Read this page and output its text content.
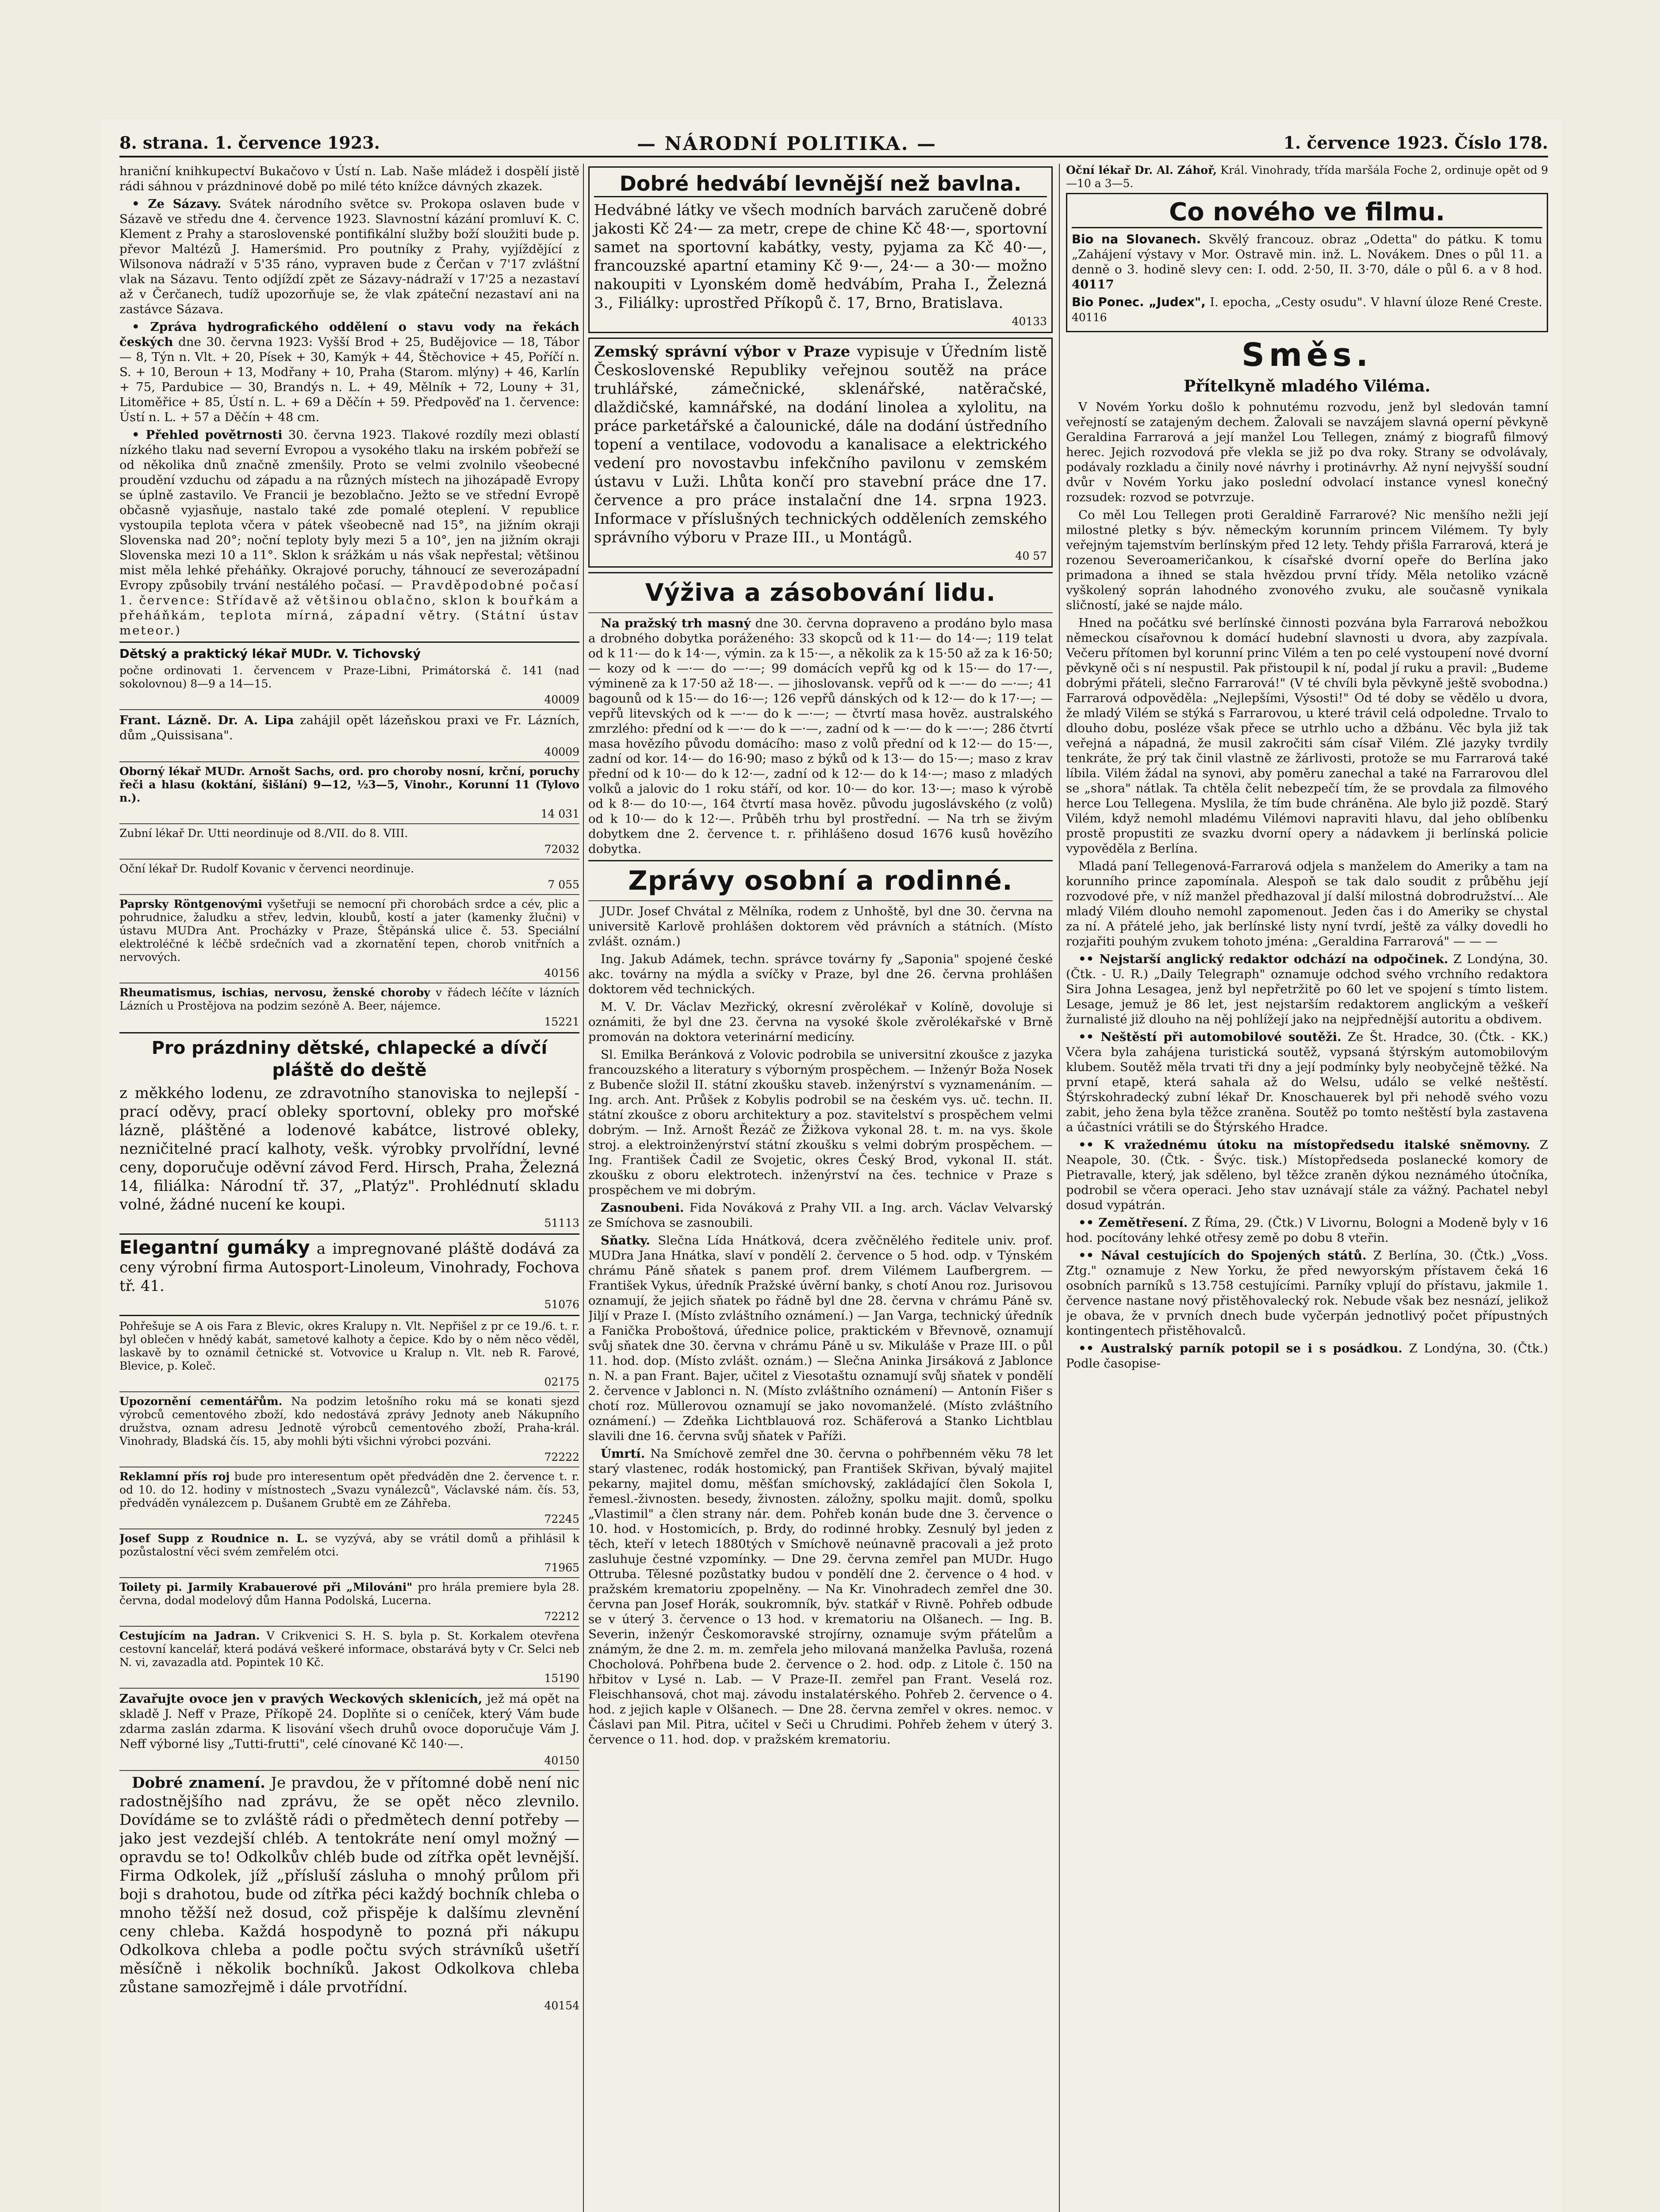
8. strana. 1. července 1923.	— NÁRODNÍ POLITIKA. —	1. července 1923. Číslo 178.

hraniční knihkupectví Bukačovo v Ústí n. Lab. Naše mládež i dospělí jistě rádi sáhnou v prázdninové době po milé této knížce dávných zkazek.

• Ze Sázavy. Svátek národního světce sv. Prokopa oslaven bude v Sázavě ve středu dne 4. července 1923. Slavnostní kázání promluví K. C. Klement z Prahy a staroslovenské pontifikální služby boží sloužiti bude p. převor Maltézů J. Hamerśmid. Pro poutníky z Prahy, vyjíždějící z Wilsonova nádraží v 5'35 ráno, vypraven bude z Čerčan v 7'17 zvláštní vlak na Sázavu. Tento odjíždí zpět ze Sázavy-nádraží v 17'25 a nezastaví až v Čerčanech, tudíž upozorňuje se, že vlak zpáteční nezastaví ani na zastávce Sázava.

• Zpráva hydrografického oddělení o stavu vody na řekách českých dne 30. června 1923: Vyšší Brod + 25, Budějovice — 18, Tábor — 8, Týn n. Vlt. + 20, Písek + 30, Kamýk + 44, Štěchovice + 45, Poříčí n. S. + 10, Beroun + 13, Modřany + 10, Praha (Starom. mlýny) + 46, Karlín + 75, Pardubice — 30, Brandýs n. L. + 49, Mělník + 72, Louny + 31, Litoměřice + 85, Ústí n. L. + 69 a Děčín + 59. Předpověď na 1. července: Ústí n. L. + 57 a Děčín + 48 cm.

• Přehled povětrnosti 30. června 1923. Tlakové rozdíly mezi oblastí nízkého tlaku nad severní Evropou a vysokého tlaku na irském pobřeží se od několika dnů značně zmenšily. Proto se velmi zvolnilo všeobecné proudění vzduchu od západu a na různých místech na jihozápadě Evropy se úplně zastavilo. Ve Francii je bezoblačno. Ježto se ve střední Evropě občasně vyjasňuje, nastalo také zde pomalé oteplení. V republice vystoupila teplota včera v pátek všeobecně nad 15°, na jižním okraji Slovenska nad 20°; noční teploty byly mezi 5 a 10°, jen na jižním okraji Slovenska mezi 10 a 11°. Sklon k srážkám u nás však nepřestal; většinou mist měla lehké přeháňky. Okrajové poruchy, táhnoucí ze severozápadní Evropy způsobily trvání nestálého počasí. — Pravděpodobné počasí 1. července: Střídavě až většinou oblačno, sklon k bouřkám a přeháňkám, teplota mírná, západní větry. (Státní ústav meteor.)

Dětský a praktický lékař MUDr. V. Tichovský

počne ordinovati 1. červencem v Praze-Libni, Primátorská č. 141 (nad sokolovnou) 8—9 a 14—15.

40009

Frant. Lázně. Dr. A. Lipa zahájil opět lázeňskou praxi ve Fr. Lázních, dům „Quissisana".

40009

Oborný lékař MUDr. Arnošt Sachs, ord. pro choroby nosní, krční, poruchy řeči a hlasu (koktání, šišlání) 9—12, ½3—5, Vinohr., Korunní 11 (Tylovo n.).

14 031

Zubní lékař Dr. Utti neordinuje od 8./VII. do 8. VIII.

72032

Oční lékař Dr. Rudolf Kovanic v červenci neordinuje.

7 055

Paprsky Röntgenovými vyšetřuji se nemocní při chorobách srdce a cév, plic a pohrudnice, žaludku a střev, ledvin, kloubů, kostí a jater (kamenky žlučni) v ústavu MUDra Ant. Procházky v Praze, Štěpánská ulice č. 53. Speciální elektroléčné k léčbě srdečních vad a zkornatění tepen, chorob vnitřních a nervových.

40156

Rheumatismus, ischias, nervosu, ženské choroby v řádech léčíte v lázních Lázních u Prostějova na podzim sezóně A. Beer, nájemce.

15221

Pro prázdniny dětské, chlapecké a dívčí pláště do deště

z měkkého lodenu, ze zdravotního stanoviska to nejlepší - prací oděvy, prací obleky sportovní, obleky pro mořské lázně, pláštěné a lodenové kabátce, listrové obleky, nezničitelné prací kalhoty, vešk. výrobky prvolřídní, levné ceny, doporučuje oděvní závod Ferd. Hirsch, Praha, Železná 14, filiálka: Národní tř. 37, „Platýz". Prohlédnutí skladu volné, žádné nucení ke koupi.

51113

Elegantní gumáky a impregnované pláště dodává za ceny výrobní firma Autosport-Linoleum, Vinohrady, Fochova tř. 41.

51076

Pohřešuje se A ois Fara z Blevic, okres Kralupy n. Vlt. Nepřišel z pr ce 19./6. t. r. byl oblečen v hnědý kabát, sametové kalhoty a čepice. Kdo by o něm něco věděl, laskavě by to oznámil četnické st. Votvovice u Kralup n. Vlt. neb R. Farové, Blevice, p. Koleč.

02175

Upozornění cementářům. Na podzim letošního roku má se konati sjezd výrobců cementového zboží, kdo nedostává zprávy Jednoty aneb Nákupního družstva, oznam adresu Jednotě výrobců cementového zboží, Praha-král. Vinohrady, Bladská čís. 15, aby mohli býti všichni výrobci pozváni.

72222

Reklamní přís roj bude pro interesentum opět předváděn dne 2. července t. r. od 10. do 12. hodiny v místnostech „Svazu vynálezců", Václavské nám. čís. 53, předváděn vynálezcem p. Dušanem Grubtě em ze Záhřeba.

72245

Josef Supp z Roudnice n. L. se vyzývá, aby se vrátil domů a přihlásil k pozůstalostní věci svém zemřelém otci.

71965

Toilety pi. Jarmily Krabauerové při „Milováni" pro hrála premiere byla 28. června, dodal modelový dům Hanna Podolská, Lucerna.

72212

Cestujícím na Jadran. V Crikvenici S. H. S. byla p. St. Korkalem otevřena cestovní kancelář, která podává veškeré informace, obstarává byty v Cr. Selci neb N. vi, zavazadla atd. Popintek 10 Kč.

15190

Zavařujte ovoce jen v pravých Weckových sklenicích, jež má opět na skladě J. Neff v Praze, Příkopě 24. Doplňte si o ceníček, který Vám bude zdarma zaslán zdarma. K lisování všech druhů ovoce doporučuje Vám J. Neff výborné lisy „Tutti-frutti", celé cínované Kč 140·—.

40150

Dobré znamení. Je pravdou, že v přítomné době není nic radostnějšího nad zprávu, že se opět něco zlevnilo. Dovídáme se to zvláště rádi o předmětech denní potřeby — jako jest vezdejší chléb. A tentokráte není omyl možný — opravdu se to! Odkolkův chléb bude od zítřka opět levnější. Firma Odkolek, jíž „přísluší zásluha o mnohý průlom při boji s drahotou, bude od zítřka péci každý bochník chleba o mnoho těžší než dosud, což přispěje k dalšímu zlevnění ceny chleba. Každá hospodyně to pozná při nákupu Odkolkova chleba a podle počtu svých strávníků ušetří měsíčně i několik bochníků. Jakost Odkolkova chleba zůstane samozřejmě i dále prvotřídní.

40154
Dobré hedvábí levnější než bavlna.

Hedvábné látky ve všech modních barvách zaručeně dobré jakosti Kč 24·— za metr, crepe de chine Kč 48·—, sportovní samet na sportovní kabátky, vesty, pyjama za Kč 40·—, francouzské apartní etaminy Kč 9·—, 24·— a 30·— možno nakoupiti v Lyonském domě hedvábím, Praha I., Železná 3., Filiálky: uprostřed Příkopů č. 17, Brno, Bratislava.

40133

Zemský správní výbor v Praze vypisuje v Úředním listě Československé Republiky veřejnou soutěž na práce truhlářské, zámečnické, sklenářské, natěračské, dlaždičské, kamnářské, na dodání linolea a xylolitu, na práce parketářské a čalounické, dále na dodání ústředního topení a ventilace, vodovodu a kanalisace a elektrického vedení pro novostavbu infekčního pavilonu v zemském ústavu v Luži. Lhůta končí pro stavební práce dne 17. července a pro práce instalační dne 14. srpna 1923. Informace v příslušných technických odděleních zemského správního výboru v Praze III., u Montágů.

40 57
Výživa a zásobování lidu.

Na pražský trh masný dne 30. června dopraveno a prodáno bylo masa a drobného dobytka poráženého: 33 skopců od k 11·— do 14·—; 119 telat od k 11·— do k 14·—, výmin. za k 15·—, a několik za k 15·50 až za k 16·50; — kozy od k —·— do —·—; 99 domácích vepřů kg od k 15·— do 17·—, výmineně za k 17·50 až 18·—. — jihoslovansk. vepřů od k —·— do —·—; 41 bagounů od k 15·— do 16·—; 126 vepřů dánských od k 12·— do k 17·—; — vepřů litevských od k —·— do k —·—; — čtvrtí masa hověz. australského zmrzlého: přední od k —·— do k —·—, zadní od k —·— do k —·—; 286 čtvrtí masa hovězího původu domácího: maso z volů přední od k 12·— do 15·—, zadní od kor. 14·— do 16·90; maso z býků od k 13·— do 15·—; maso z krav přední od k 10·— do k 12·—, zadní od k 12·— do k 14·—; maso z mladých volků a jalovic do 1 roku stáří, od kor. 10·— do kor. 13·—; maso k výrobě od k 8·— do 10·—, 164 čtvrtí masa hověz. původu jugoslávského (z volů) od k 10·— do k 12·—. Průběh trhu byl prostřední. — Na trh se živým dobytkem dne 2. července t. r. přihlášeno dosud 1676 kusů hovězího dobytka.

Zprávy osobní a rodinné.

JUDr. Josef Chvátal z Mělníka, rodem z Unhoště, byl dne 30. června na universitě Karlově prohlášen doktorem věd právních a státních. (Místo zvlášt. oznám.)

Ing. Jakub Adámek, techn. správce továrny fy „Saponia" spojené české akc. továrny na mýdla a svíčky v Praze, byl dne 26. června prohlášen doktorem věd technických.

M. V. Dr. Václav Mezřický, okresní zvěrolékař v Kolíně, dovoluje si oznámiti, že byl dne 23. června na vysoké škole zvěrolékařské v Brně promován na doktora veterinární medicíny.

Sl. Emilka Beránková z Volovic podrobila se universitní zkoušce z jazyka francouzského a literatury s výborným prospěchem. — Inženýr Boža Nosek z Bubenče složil II. státní zkoušku staveb. inženýrství s vyznamenáním. — Ing. arch. Ant. Průšek z Kobylis podrobil se na českém vys. uč. techn. II. státní zkoušce z oboru architektury a poz. stavitelství s prospěchem velmi dobrým. — Inž. Arnošt Řezáč ze Žižkova vykonal 28. t. m. na vys. škole stroj. a elektroinženýrství státní zkoušku s velmi dobrým prospěchem. — Ing. František Čadil ze Svojetic, okres Český Brod, vykonal II. stát. zkoušku z oboru elektrotech. inženýrství na čes. technice v Praze s prospěchem ve mi dobrým.

Zasnoubeni. Fida Nováková z Prahy VII. a Ing. arch. Václav Velvarský ze Smíchova se zasnoubili.

Sňatky. Slečna Lída Hnátková, dcera zvěčnělého ředitele univ. prof. MUDra Jana Hnátka, slaví v pondělí 2. července o 5 hod. odp. v Týnském chrámu Páně sňatek s panem prof. drem Vilémem Laufbergrem. — František Vykus, úředník Pražské úvěrní banky, s chotí Anou roz. Jurisovou oznamují, že jejich sňatek po řádně byl dne 28. června v chrámu Páně sv. Jiljí v Praze I. (Místo zvláštního oznámení.) — Jan Varga, technický úředník a Fanička Proboštová, úřednice police, praktickém v Břevnově, oznamují svůj sňatek dne 30. června v chrámu Páně u sv. Mikuláše v Praze III. o půl 11. hod. dop. (Místo zvlášt. oznám.) — Slečna Aninka Jirsáková z Jablonce n. N. a pan Frant. Bajer, učitel z Viesotaštu oznamují svůj sňatek v pondělí 2. července v Jablonci n. N. (Místo zvláštního oznámení) — Antonín Fišer s chotí roz. Müllerovou oznamují se jako novomanželé. (Místo zvláštního oznámení.) — Zdeňka Lichtblauová roz. Schäferová a Stanko Lichtblau slavili dne 16. června svůj sňatek v Paříži.

Úmrtí. Na Smíchově zemřel dne 30. června o pohřbenném věku 78 let starý vlastenec, rodák hostomický, pan František Skřivan, bývalý majitel pekarny, majitel domu, měšťan smíchovský, zakládající člen Sokola I, řemesl.-živnosten. besedy, živnosten. záložny, spolku majit. domů, spolku „Vlastimil" a člen strany nár. dem. Pohřeb konán bude dne 3. července o 10. hod. v Hostomicích, p. Brdy, do rodinné hrobky. Zesnulý byl jeden z těch, kteří v letech 1880tých v Smíchově neúnavně pracovali a jež proto zasluhuje čestné vzpomínky. — Dne 29. června zemřel pan MUDr. Hugo Ottruba. Tělesné pozůstatky budou v pondělí dne 2. července o 4 hod. v pražském krematoriu zpopelněny. — Na Kr. Vinohradech zemřel dne 30. června pan Josef Horák, soukromník, býv. statkář v Rivně. Pohřeb odbude se v úterý 3. července o 13 hod. v krematoriu na Olšanech. — Ing. B. Severin, inženýr Českomoravské strojírny, oznamuje svým přátelům a známým, že dne 2. m. m. zemřela jeho milovaná manželka Pavluša, rozená Chocholová. Pohřbena bude 2. července o 2. hod. odp. z Litole č. 150 na hřbitov v Lysé n. Lab. — V Praze-II. zemřel pan Frant. Veselá roz. Fleischhansová, chot maj. závodu instalatérského. Pohřeb 2. července o 4. hod. z jejich kaple v Olšanech. — Dne 28. června zemřel v okres. nemoc. v Čáslavi pan Mil. Pitra, učitel v Seči u Chrudimi. Pohřeb žehem v úterý 3. července o 11. hod. dop. v pražském krematoriu.

Oční lékař Dr. Al. Záhoř, Král. Vinohrady, třída maršála Foche 2, ordinuje opět od 9—10 a 3—5.

Co nového ve filmu.

Bio na Slovanech. Skvělý francouz. obraz „Odetta" do pátku. K tomu „Zahájení výstavy v Mor. Ostravě min. inž. L. Novákem. Dnes o půl 11. a denně o 3. hodině slevy cen: I. odd. 2·50, II. 3·70, dále o půl 6. a v 8 hod. 40117

Bio Ponec. „Judex", I. epocha, „Cesty osudu". V hlavní úloze René Creste. 40116

Směs.
Přítelkyně mladého Viléma.

V Novém Yorku došlo k pohnutému rozvodu, jenž byl sledován tamní veřejností se zatajeným dechem. Žalovali se navzájem slavná operní pěvkyně Geraldina Farrarová a její manžel Lou Tellegen, známý z biografů filmový herec. Jejich rozvodová pře vlekla se již po dva roky. Strany se odvolávaly, podávaly rozkladu a činily nové návrhy i protinávrhy. Až nyní nejvyšší soudní dvůr v Novém Yorku jako poslední odvolací instance vynesl konečný rozsudek: rozvod se potvrzuje.

Co měl Lou Tellegen proti Geraldině Farrarové? Nic menšího nežli její milostné pletky s býv. německým korunním princem Vilémem. Ty byly veřejným tajemstvím berlínským před 12 lety. Tehdy přišla Farrarová, která je rozenou Severoameričankou, k císařské dvorní opeře do Berlína jako primadona a ihned se stala hvězdou první třídy. Měla netoliko vzácně vyškolený soprán lahodného zvonového zvuku, ale současně vynikala sličností, jaké se najde málo.

Hned na počátku své berlínské činnosti pozvána byla Farrarová nebožkou německou císařovnou k domácí hudební slavnosti u dvora, aby zazpívala. Večeru přítomen byl korunní princ Vilém a ten po celé vystoupení nové dvorní pěvkyně oči s ní nespustil. Pak přistoupil k ní, podal jí ruku a pravil: „Budeme dobrými přáteli, slečno Farrarová!" (V té chvíli byla pěvkyně ještě svobodna.) Farrarová odpověděla: „Nejlepšími, Výsosti!" Od té doby se vědělo u dvora, že mladý Vilém se stýká s Farrarovou, u které trávil celá odpoledne. Trvalo to dlouho dobu, posléze však přece se utrhlo ucho a džbánu. Věc byla již tak veřejná a nápadná, že musil zakročiti sám císař Vilém. Zlé jazyky tvrdily tenkráte, že prý tak činil vlastně ze žárlivosti, protože se mu Farrarová také líbila. Vilém žádal na synovi, aby poměru zanechal a také na Farrarovou dlel se „shora" nátlak. Ta chtěla čelit nebezpečí tím, že se provdala za filmového herce Lou Tellegena. Myslila, že tím bude chráněna. Ale bylo již pozdě. Starý Vilém, když nemohl mladému Vilémovi napraviti hlavu, dal jeho oblíbenku prostě propustiti ze svazku dvorní opery a nádavkem ji berlínská policie vypověděla z Berlína.

Mladá paní Tellegenová-Farrarová odjela s manželem do Ameriky a tam na korunního prince zapomínala. Alespoň se tak dalo soudit z průběhu její rozvodové pře, v níž manžel předhazoval jí další milostná dobrodružství... Ale mladý Vilém dlouho nemohl zapomenout. Jeden čas i do Ameriky se chystal za ní. A přátelé jeho, jak berlínské listy nyní tvrdí, ještě za války dovedli ho rozjařiti pouhým zvukem tohoto jména: „Geraldina Farrarová" — — —

•• Nejstarší anglický redaktor odchází na odpočinek. Z Londýna, 30. (Čtk. - U. R.) „Daily Telegraph" oznamuje odchod svého vrchního redaktora Sira Johna Lesagea, jenž byl nepřetržitě po 60 let ve spojení s tímto listem. Lesage, jemuž je 86 let, jest nejstarším redaktorem anglickým a veškeří žurnalisté již dlouho na něj pohlížejí jako na nejpřednější autoritu a obdivem.

•• Neštěstí při automobilové soutěži. Ze Št. Hradce, 30. (Čtk. - KK.) Včera byla zahájena turistická soutěž, vypsaná štýrským automobilovým klubem. Soutěž měla trvati tři dny a její podmínky byly neobyčejně těžké. Na první etapě, která sahala až do Welsu, událo se velké neštěstí. Štýrskohradecký zubní lékař Dr. Knoschauerek byl při nehodě svého vozu zabit, jeho žena byla těžce zraněna. Soutěž po tomto neštěstí byla zastavena a účastníci vrátili se do Štýrského Hradce.

•• K vražednému útoku na místopředsedu italské sněmovny. Z Neapole, 30. (Čtk. - Švýc. tisk.) Místopředseda poslanecké komory de Pietravalle, který, jak sděleno, byl těžce zraněn dýkou neznámého útočníka, podrobil se včera operaci. Jeho stav uznávají stále za vážný. Pachatel nebyl dosud vypátrán.

•• Zemětřesení. Z Říma, 29. (Čtk.) V Livornu, Bologni a Modeně byly v 16 hod. pocítovány lehké otřesy země po dobu 8 vteřin.

•• Nával cestujících do Spojených států. Z Berlína, 30. (Čtk.) „Voss. Ztg." oznamuje z New Yorku, že před newyorským přístavem čeká 16 osobních parníků s 13.758 cestujícími. Parníky vplují do přístavu, jakmile 1. července nastane nový přistěhovalecký rok. Nebude však bez nesnází, jelikož je obava, že v prvních dnech bude vyčerpán jednotlivý počet přípustných kontingentech přistěhovalců.

•• Australský parník potopil se i s posádkou. Z Londýna, 30. (Čtk.) Podle časopise-
